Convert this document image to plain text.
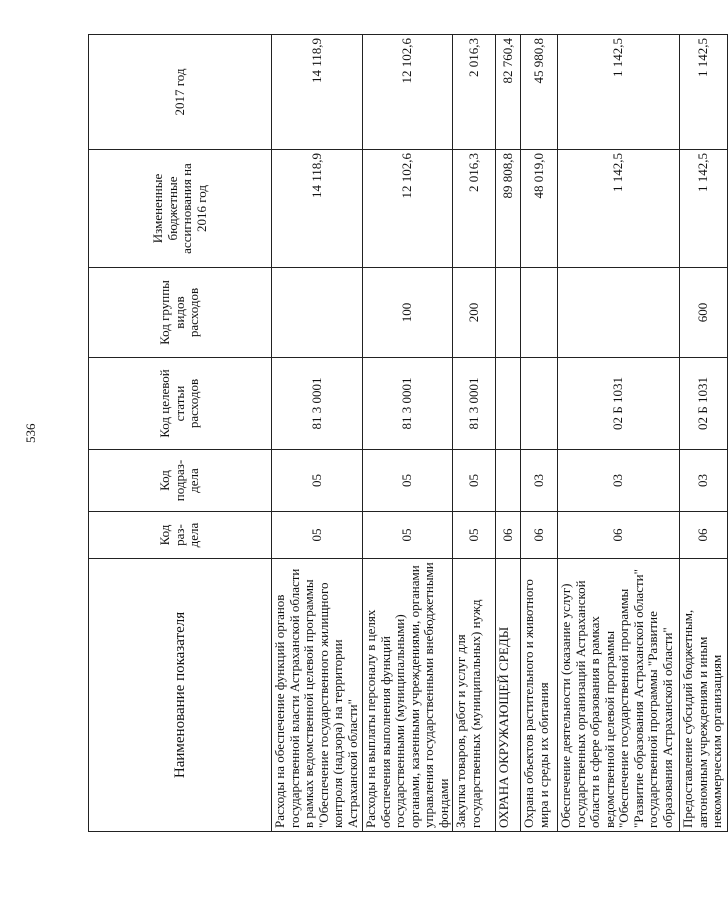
536
Наименование показателя	Код раз-дела	Код подраз-дела	Код целевой статьи расходов	Код группы видов расходов	Измененные бюджетные ассигнования на 2016 год	2017 год
Расходы на обеспечение функций органов государственной власти Астраханской области в рамках ведомственной целевой программы "Обеспечение государственного жилищного контроля (надзора) на территории Астраханской области"	05	05	81 3 0001		14 118,9	14 118,9
Расходы на выплаты персоналу в целях обеспечения выполнения функций государственными (муниципальными) органами, казенными учреждениями, органами управления государственными внебюджетными фондами	05	05	81 3 0001	100	12 102,6	12 102,6
Закупка товаров, работ и услуг для государственных (муниципальных) нужд	05	05	81 3 0001	200	2 016,3	2 016,3
ОХРАНА ОКРУЖАЮЩЕЙ СРЕДЫ	06				89 808,8	82 760,4
Охрана объектов растительного и животного мира и среды их обитания	06	03			48 019,0	45 980,8
Обеспечение деятельности (оказание услуг) государственных организаций Астраханской области в сфере образования в рамках ведомственной целевой программы "Обеспечение государственной программы "Развитие образования Астраханской области" государственной программы "Развитие образования Астраханской области"	06	03	02 Б 1031		1 142,5	1 142,5
Предоставление субсидий бюджетным, автономным учреждениям и иным некоммерческим организациям	06	03	02 Б 1031	600	1 142,5	1 142,5
